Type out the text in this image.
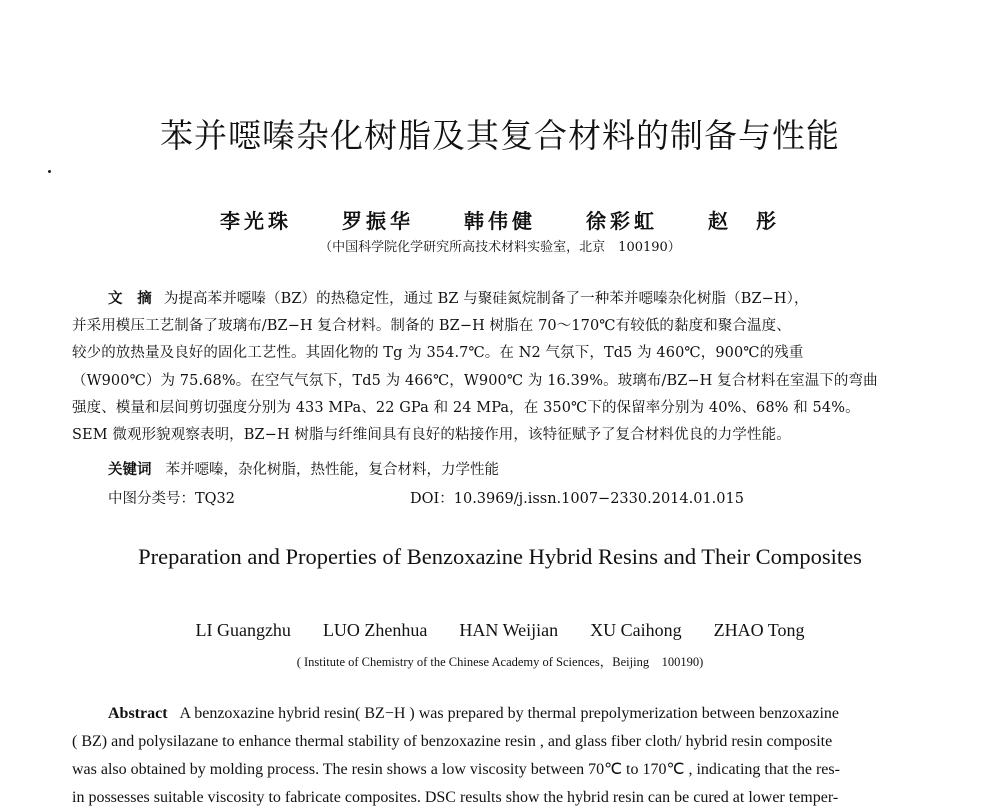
苯并噁嗪杂化树脂及其复合材料的制备与性能
李光珠	罗振华	韩伟健	徐彩虹	赵　彤
（中国科学院化学研究所高技术材料实验室，北京　100190）
文　摘 为提高苯并噁嗪（BZ）的热稳定性，通过 BZ 与聚硅氮烷制备了一种苯并噁嗪杂化树脂（BZ−H），
并采用模压工艺制备了玻璃布/BZ−H 复合材料。制备的 BZ−H 树脂在 70～170℃有较低的黏度和聚合温度、
较少的放热量及良好的固化工艺性。其固化物的 Tg 为 354.7℃。在 N2 气氛下，Td5 为 460℃，900℃的残重
（W900℃）为 75.68%。在空气气氛下，Td5 为 466℃，W900℃ 为 16.39%。玻璃布/BZ−H 复合材料在室温下的弯曲
强度、模量和层间剪切强度分别为 433 MPa、22 GPa 和 24 MPa，在 350℃下的保留率分别为 40%、68% 和 54%。
SEM 微观形貌观察表明，BZ−H 树脂与纤维间具有良好的粘接作用，该特征赋予了复合材料优良的力学性能。
关键词 苯并噁嗪，杂化树脂，热性能，复合材料，力学性能
中图分类号：TQ32	DOI：10.3969/j.issn.1007−2330.2014.01.015
Preparation and Properties of Benzoxazine Hybrid Resins and Their Composites
LI Guangzhu LUO Zhenhua HAN Weijian XU Caihong ZHAO Tong
( Institute of Chemistry of the Chinese Academy of Sciences，Beijing　100190)
Abstract A benzoxazine hybrid resin( BZ−H ) was prepared by thermal prepolymerization between benzoxazine
( BZ) and polysilazane to enhance thermal stability of benzoxazine resin , and glass fiber cloth/ hybrid resin composite
was also obtained by molding process. The resin shows a low viscosity between 70℃ to 170℃ , indicating that the res-
in possesses suitable viscosity to fabricate composites. DSC results show the hybrid resin can be cured at lower temper-
